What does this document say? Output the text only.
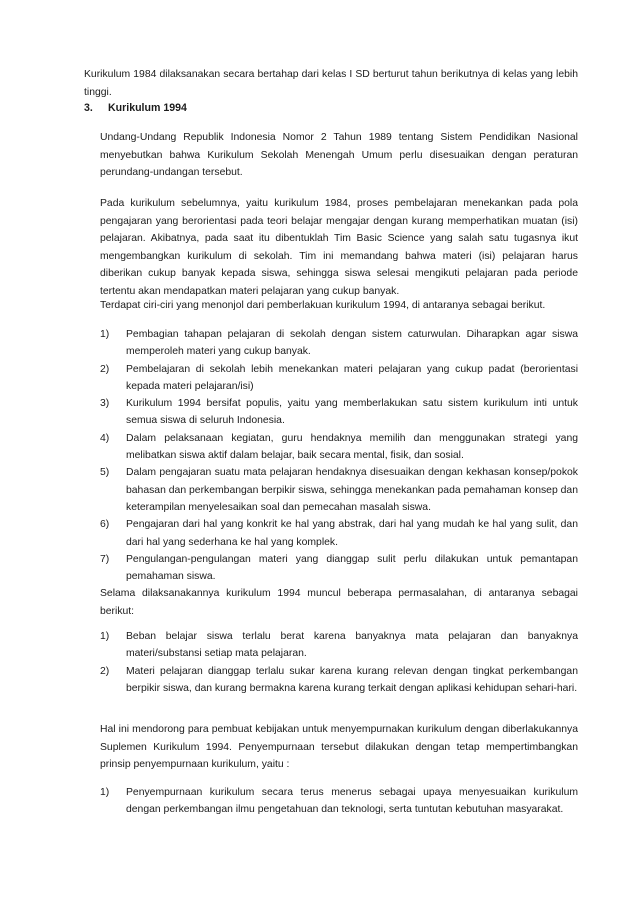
Kurikulum 1984 dilaksanakan secara bertahap dari kelas I SD berturut tahun berikutnya di kelas yang lebih tinggi.

3. Kurikulum 1994

Undang-Undang Republik Indonesia Nomor 2 Tahun 1989 tentang Sistem Pendidikan Nasional menyebutkan bahwa Kurikulum Sekolah Menengah Umum perlu disesuaikan dengan peraturan perundang-undangan tersebut.

Pada kurikulum sebelumnya, yaitu kurikulum 1984, proses pembelajaran menekankan pada pola pengajaran yang berorientasi pada teori belajar mengajar dengan kurang memperhatikan muatan (isi) pelajaran. Akibatnya, pada saat itu dibentuklah Tim Basic Science yang salah satu tugasnya ikut mengembangkan kurikulum di sekolah. Tim ini memandang bahwa materi (isi) pelajaran harus diberikan cukup banyak kepada siswa, sehingga siswa selesai mengikuti pelajaran pada periode tertentu akan mendapatkan materi pelajaran yang cukup banyak.

Terdapat ciri-ciri yang menonjol dari pemberlakuan kurikulum 1994, di antaranya sebagai berikut.

1)	Pembagian tahapan pelajaran di sekolah dengan sistem caturwulan. Diharapkan agar siswa memperoleh materi yang cukup banyak.
2)	Pembelajaran di sekolah lebih menekankan materi pelajaran yang cukup padat (berorientasi kepada materi pelajaran/isi)
3)	Kurikulum 1994 bersifat populis, yaitu yang memberlakukan satu sistem kurikulum inti untuk semua siswa di seluruh Indonesia.
4)	Dalam pelaksanaan kegiatan, guru hendaknya memilih dan menggunakan strategi yang melibatkan siswa aktif dalam belajar, baik secara mental, fisik, dan sosial.
5)	Dalam pengajaran suatu mata pelajaran hendaknya disesuaikan dengan kekhasan konsep/pokok bahasan dan perkembangan berpikir siswa, sehingga menekankan pada pemahaman konsep dan keterampilan menyelesaikan soal dan pemecahan masalah siswa.
6)	Pengajaran dari hal yang konkrit ke hal yang abstrak, dari hal yang mudah ke hal yang sulit, dan dari hal yang sederhana ke hal yang komplek.
7)	Pengulangan-pengulangan materi yang dianggap sulit perlu dilakukan untuk pemantapan pemahaman siswa.

Selama dilaksanakannya kurikulum 1994 muncul beberapa permasalahan, di antaranya sebagai berikut:

1)	Beban belajar siswa terlalu berat karena banyaknya mata pelajaran dan banyaknya materi/substansi setiap mata pelajaran.
2)	Materi pelajaran dianggap terlalu sukar karena kurang relevan dengan tingkat perkembangan berpikir siswa, dan kurang bermakna karena kurang terkait dengan aplikasi kehidupan sehari-hari.

Hal ini mendorong para pembuat kebijakan untuk menyempurnakan kurikulum dengan diberlakukannya Suplemen Kurikulum 1994. Penyempurnaan tersebut dilakukan dengan tetap mempertimbangkan prinsip penyempurnaan kurikulum, yaitu :

1)	Penyempurnaan kurikulum secara terus menerus sebagai upaya menyesuaikan kurikulum dengan perkembangan ilmu pengetahuan dan teknologi, serta tuntutan kebutuhan masyarakat.
